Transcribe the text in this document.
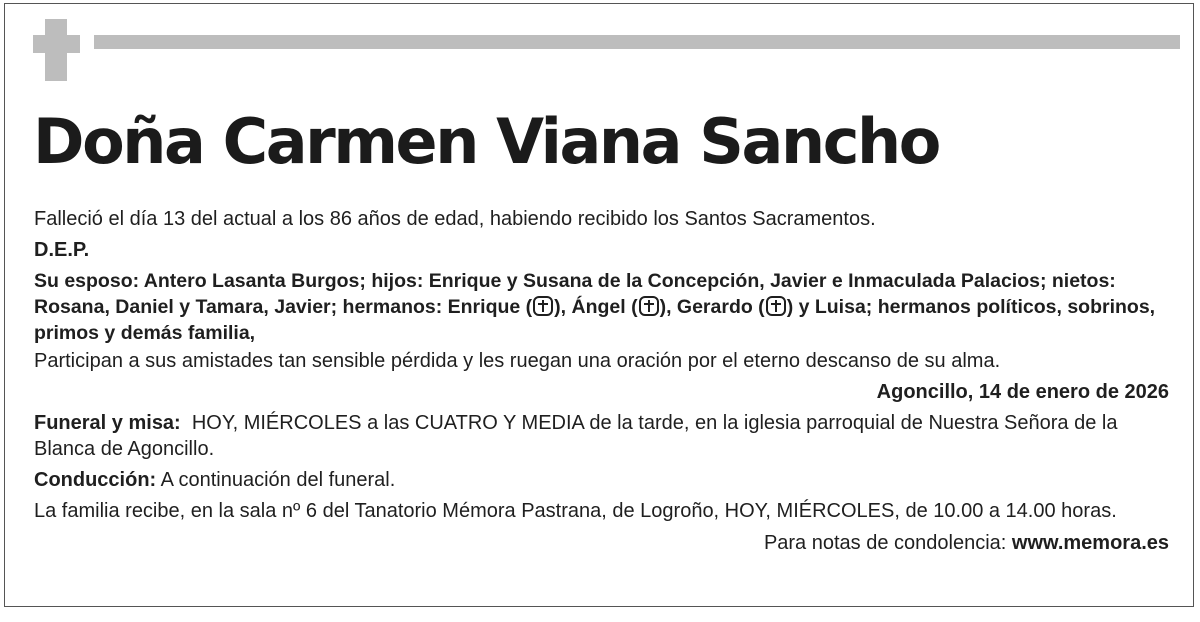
Doña Carmen Viana Sancho

Falleció el día 13 del actual a los 86 años de edad, habiendo recibido los Santos Sacramentos.

D.E.P.

Su esposo: Antero Lasanta Burgos; hijos: Enrique y Susana de la Concepción, Javier e Inmaculada Palacios; nietos: Rosana, Daniel y Tamara, Javier; hermanos: Enrique ( ), Ángel ( ), Gerardo ( ) y Luisa; hermanos políticos, sobrinos, primos y demás familia,

Participan a sus amistades tan sensible pérdida y les ruegan una oración por el eterno descanso de su alma.

Agoncillo, 14 de enero de 2026

Funeral y misa:  HOY, MIÉRCOLES a las CUATRO Y MEDIA de la tarde, en la iglesia parroquial de Nuestra Señora de la Blanca de Agoncillo.

Conducción: A continuación del funeral.

La familia recibe, en la sala nº 6 del Tanatorio Mémora Pastrana, de Logroño, HOY, MIÉRCOLES, de 10.00 a 14.00 horas.

Para notas de condolencia: www.memora.es
